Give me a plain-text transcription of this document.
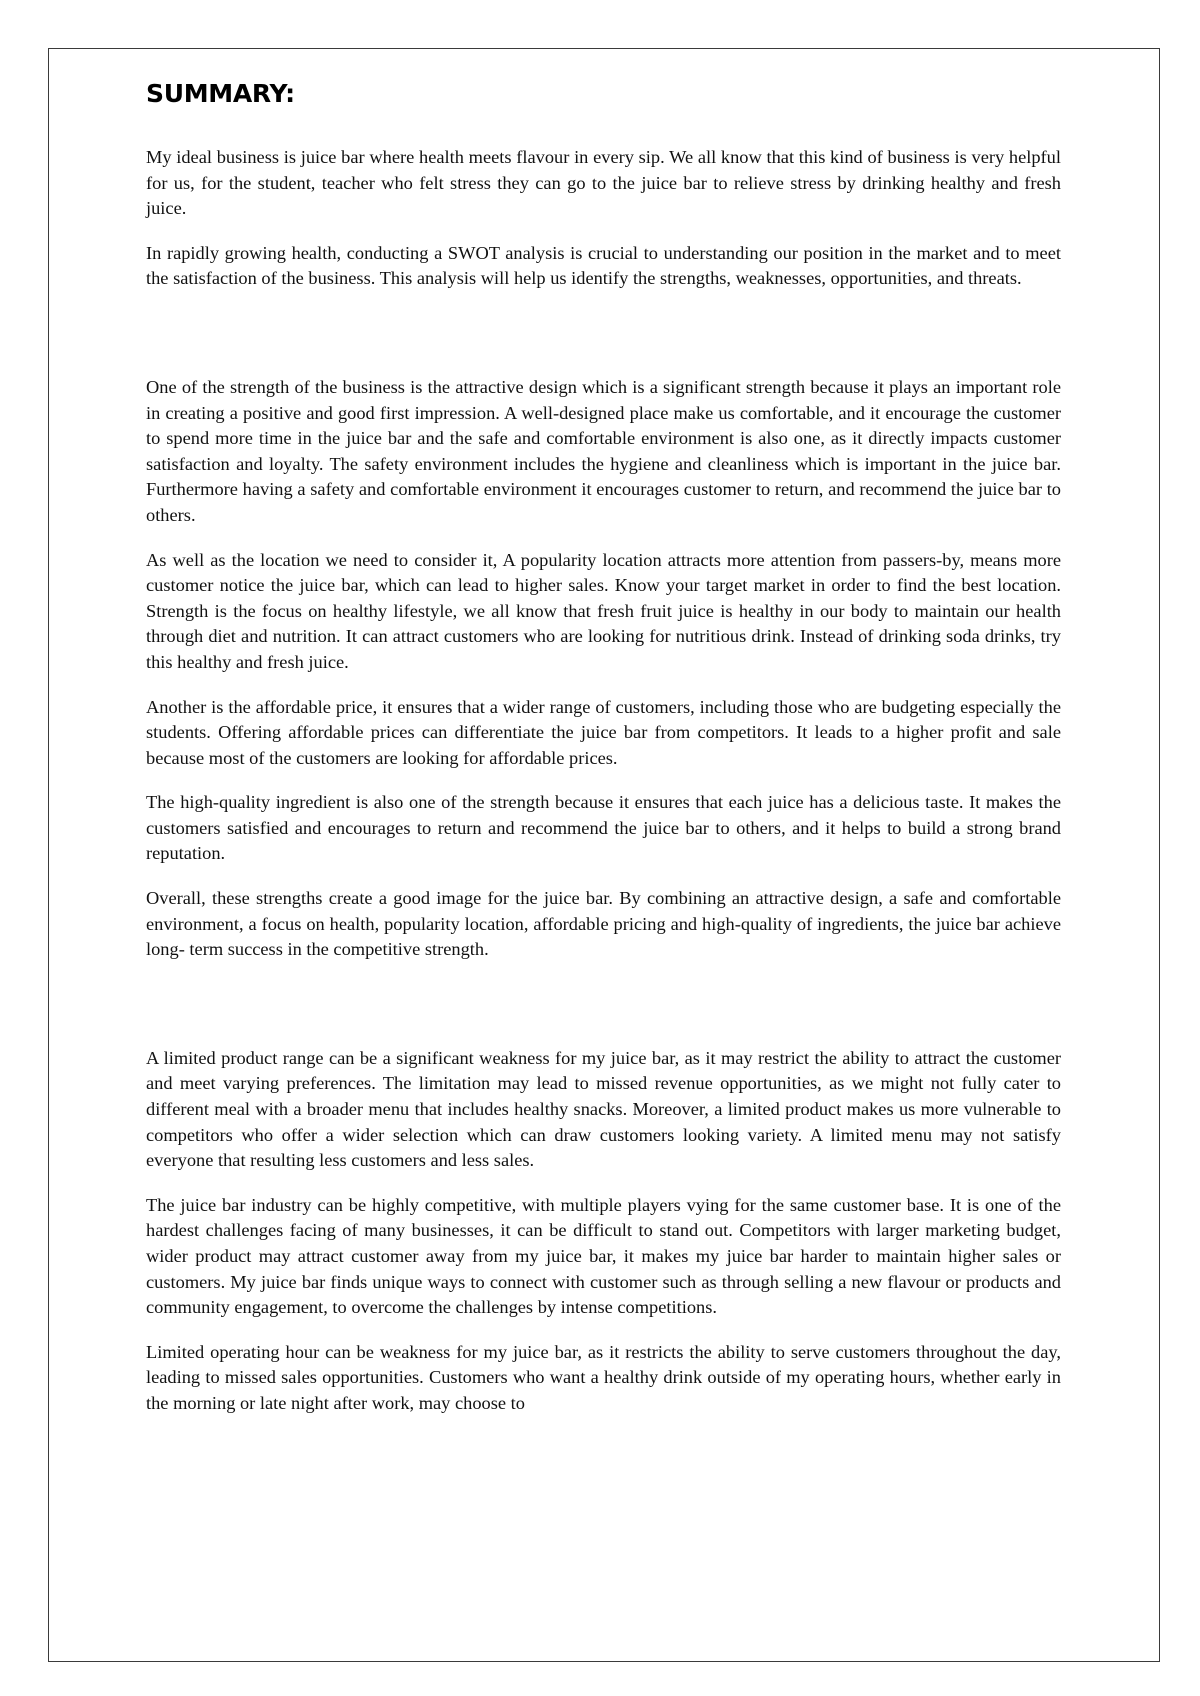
SUMMARY:

My ideal business is juice bar where health meets flavour in every sip. We all know that this kind of business is very helpful for us, for the student, teacher who felt stress they can go to the juice bar to relieve stress by drinking healthy and fresh juice.

In rapidly growing health, conducting a SWOT analysis is crucial to understanding our position in the market and to meet the satisfaction of the business. This analysis will help us identify the strengths, weaknesses, opportunities, and threats.

One of the strength of the business is the attractive design which is a significant strength because it plays an important role in creating a positive and good first impression. A well-designed place make us comfortable, and it encourage the customer to spend more time in the juice bar and the safe and comfortable environment is also one, as it directly impacts customer satisfaction and loyalty. The safety environment includes the hygiene and cleanliness which is important in the juice bar. Furthermore having a safety and comfortable environment it encourages customer to return, and recommend the juice bar to others.

As well as the location we need to consider it, A popularity location attracts more attention from passers-by, means more customer notice the juice bar, which can lead to higher sales. Know your target market in order to find the best location. Strength is the focus on healthy lifestyle, we all know that fresh fruit juice is healthy in our body to maintain our health through diet and nutrition. It can attract customers who are looking for nutritious drink. Instead of drinking soda drinks, try this healthy and fresh juice.

Another is the affordable price, it ensures that a wider range of customers, including those who are budgeting especially the students. Offering affordable prices can differentiate the juice bar from competitors. It leads to a higher profit and sale because most of the customers are looking for affordable prices.

The high-quality ingredient is also one of the strength because it ensures that each juice has a delicious taste. It makes the customers satisfied and encourages to return and recommend the juice bar to others, and it helps to build a strong brand reputation.

Overall, these strengths create a good image for the juice bar. By combining an attractive design, a safe and comfortable environment, a focus on health, popularity location, affordable pricing and high-quality of ingredients, the juice bar achieve long- term success in the competitive strength.

A limited product range can be a significant weakness for my juice bar, as it may restrict the ability to attract the customer and meet varying preferences. The limitation may lead to missed revenue opportunities, as we might not fully cater to different meal with a broader menu that includes healthy snacks. Moreover, a limited product makes us more vulnerable to competitors who offer a wider selection which can draw customers looking variety. A limited menu may not satisfy everyone that resulting less customers and less sales.

The juice bar industry can be highly competitive, with multiple players vying for the same customer base. It is one of the hardest challenges facing of many businesses, it can be difficult to stand out. Competitors with larger marketing budget, wider product may attract customer away from my juice bar, it makes my juice bar harder to maintain higher sales or customers. My juice bar finds unique ways to connect with customer such as through selling a new flavour or products and community engagement, to overcome the challenges by intense competitions.

Limited operating hour can be weakness for my juice bar, as it restricts the ability to serve customers throughout the day, leading to missed sales opportunities. Customers who want a healthy drink outside of my operating hours, whether early in the morning or late night after work, may choose to
